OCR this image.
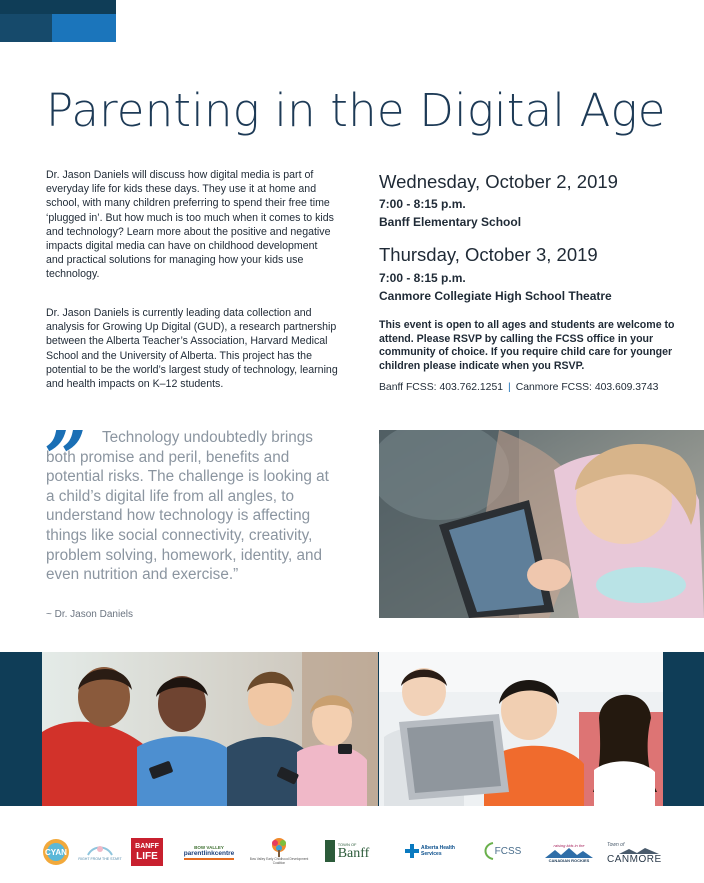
Parenting in the Digital Age

Dr. Jason Daniels will discuss how digital media is part of everyday life for kids these days. They use it at home and school, with many children preferring to spend their free time ‘plugged in’. But how much is too much when it comes to kids and technology? Learn more about the positive and negative impacts digital media can have on childhood development and practical solutions for managing how your kids use technology.

Dr. Jason Daniels is currently leading data collection and analysis for Growing Up Digital (GUD), a research partnership between the Alberta Teacher’s Association, Harvard Medical School and the University of Alberta. This project has the potential to be the world’s largest study of technology, learning and health impacts on K–12 students.

Wednesday, October 2, 2019
7:00 - 8:15 p.m.
Banff Elementary School
Thursday, October 3, 2019
7:00 - 8:15 p.m.
Canmore Collegiate High School Theatre

This event is open to all ages and students are welcome to attend. Please RSVP by calling the FCSS office in your community of choice. If you require child care for younger children please indicate when you RSVP.

Banff FCSS: 403.762.1251 | Canmore FCSS: 403.609.3743
”	Technology undoubtedly brings both promise and peril, benefits and potential risks. The challenge is looking at a child’s digital life from all angles, to understand how technology is affecting things like social connectivity, creativity, problem solving, homework, identity, and even nutrition and exercise.”

~ Dr. Jason Daniels
CYAN
RIGHT FROM THE START
BANFF
LIFE
BOW VALLEY
parentlinkcentre
Bow Valley Early Childhood Development Coalition
TOWN OF
Banff	Alberta Health
Services	FCSS	raising kids in the
CANADIAN ROCKIES
Town of
CANMORE
